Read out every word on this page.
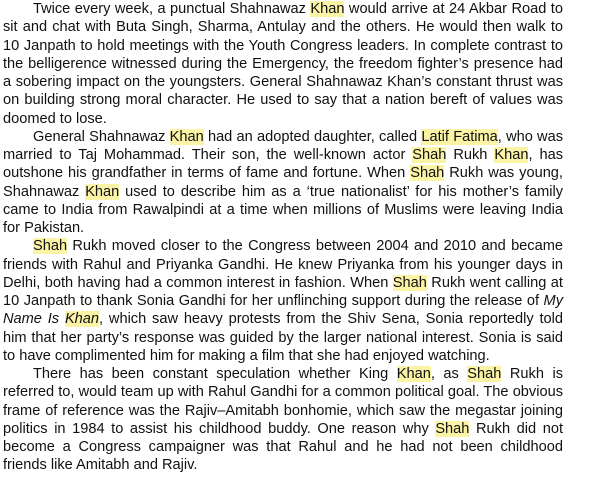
Twice every week, a punctual Shahnawaz Khan would arrive at 24 Akbar Road to sit and chat with Buta Singh, Sharma, Antulay and the others. He would then walk to 10 Janpath to hold meetings with the Youth Congress leaders. In complete contrast to the belligerence witnessed during the Emergency, the freedom fighter’s presence had a sobering impact on the youngsters. General Shahnawaz Khan’s constant thrust was on building strong moral character. He used to say that a nation bereft of values was doomed to lose.

General Shahnawaz Khan had an adopted daughter, called Latif Fatima, who was married to Taj Mohammad. Their son, the well-known actor Shah Rukh Khan, has outshone his grandfather in terms of fame and fortune. When Shah Rukh was young, Shahnawaz Khan used to describe him as a ‘true nationalist’ for his mother’s family came to India from Rawalpindi at a time when millions of Muslims were leaving India for Pakistan.

Shah Rukh moved closer to the Congress between 2004 and 2010 and became friends with Rahul and Priyanka Gandhi. He knew Priyanka from his younger days in Delhi, both having had a common interest in fashion. When Shah Rukh went calling at 10 Janpath to thank Sonia Gandhi for her unflinching support during the release of My Name Is Khan, which saw heavy protests from the Shiv Sena, Sonia reportedly told him that her party’s response was guided by the larger national interest. Sonia is said to have complimented him for making a film that she had enjoyed watching.

There has been constant speculation whether King Khan, as Shah Rukh is referred to, would team up with Rahul Gandhi for a common political goal. The obvious frame of reference was the Rajiv–Amitabh bonhomie, which saw the megastar joining politics in 1984 to assist his childhood buddy. One reason why Shah Rukh did not become a Congress campaigner was that Rahul and he had not been childhood friends like Amitabh and Rajiv.
